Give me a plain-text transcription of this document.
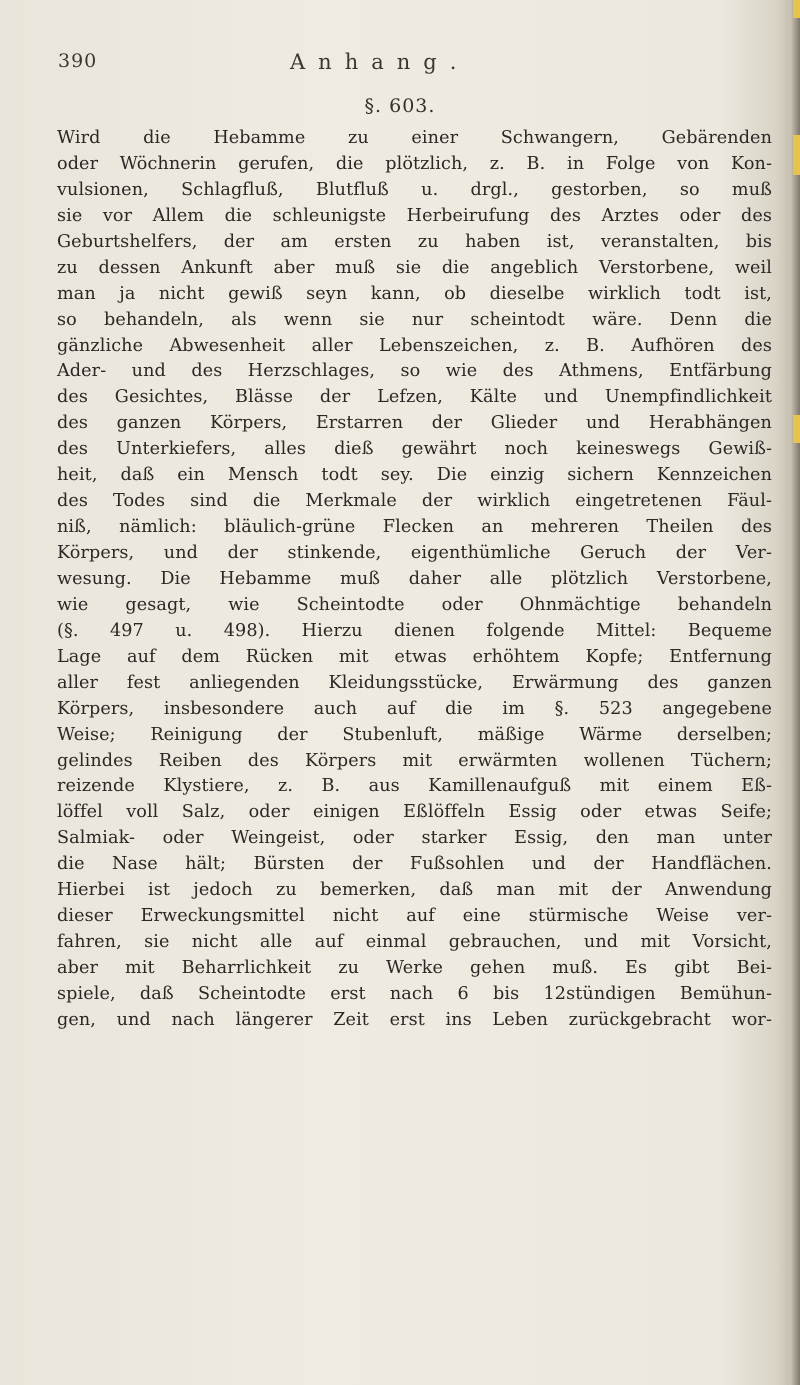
390	Anhang.
§. 603.
Wird die Hebamme zu einer Schwangern, Gebärenden
oder Wöchnerin gerufen, die plötzlich, z. B. in Folge von Kon-
vulsionen, Schlagfluß, Blutfluß u. drgl., gestorben, so muß
sie vor Allem die schleunigste Herbeirufung des Arztes oder des
Geburtshelfers, der am ersten zu haben ist, veranstalten, bis
zu dessen Ankunft aber muß sie die angeblich Verstorbene, weil
man ja nicht gewiß seyn kann, ob dieselbe wirklich todt ist,
so behandeln, als wenn sie nur scheintodt wäre. Denn die
gänzliche Abwesenheit aller Lebenszeichen, z. B. Aufhören des
Ader- und des Herzschlages, so wie des Athmens, Entfärbung
des Gesichtes, Blässe der Lefzen, Kälte und Unempfindlichkeit
des ganzen Körpers, Erstarren der Glieder und Herabhängen
des Unterkiefers, alles dieß gewährt noch keineswegs Gewiß-
heit, daß ein Mensch todt sey. Die einzig sichern Kennzeichen
des Todes sind die Merkmale der wirklich eingetretenen Fäul-
niß, nämlich: bläulich-grüne Flecken an mehreren Theilen des
Körpers, und der stinkende, eigenthümliche Geruch der Ver-
wesung. Die Hebamme muß daher alle plötzlich Verstorbene,
wie gesagt, wie Scheintodte oder Ohnmächtige behandeln
(§. 497 u. 498). Hierzu dienen folgende Mittel: Bequeme
Lage auf dem Rücken mit etwas erhöhtem Kopfe; Entfernung
aller fest anliegenden Kleidungsstücke, Erwärmung des ganzen
Körpers, insbesondere auch auf die im §. 523 angegebene
Weise; Reinigung der Stubenluft, mäßige Wärme derselben;
gelindes Reiben des Körpers mit erwärmten wollenen Tüchern;
reizende Klystiere, z. B. aus Kamillenaufguß mit einem Eß-
löffel voll Salz, oder einigen Eßlöffeln Essig oder etwas Seife;
Salmiak- oder Weingeist, oder starker Essig, den man unter
die Nase hält; Bürsten der Fußsohlen und der Handflächen.
Hierbei ist jedoch zu bemerken, daß man mit der Anwendung
dieser Erweckungsmittel nicht auf eine stürmische Weise ver-
fahren, sie nicht alle auf einmal gebrauchen, und mit Vorsicht,
aber mit Beharrlichkeit zu Werke gehen muß. Es gibt Bei-
spiele, daß Scheintodte erst nach 6 bis 12stündigen Bemühun-
gen, und nach längerer Zeit erst ins Leben zurückgebracht wor-
